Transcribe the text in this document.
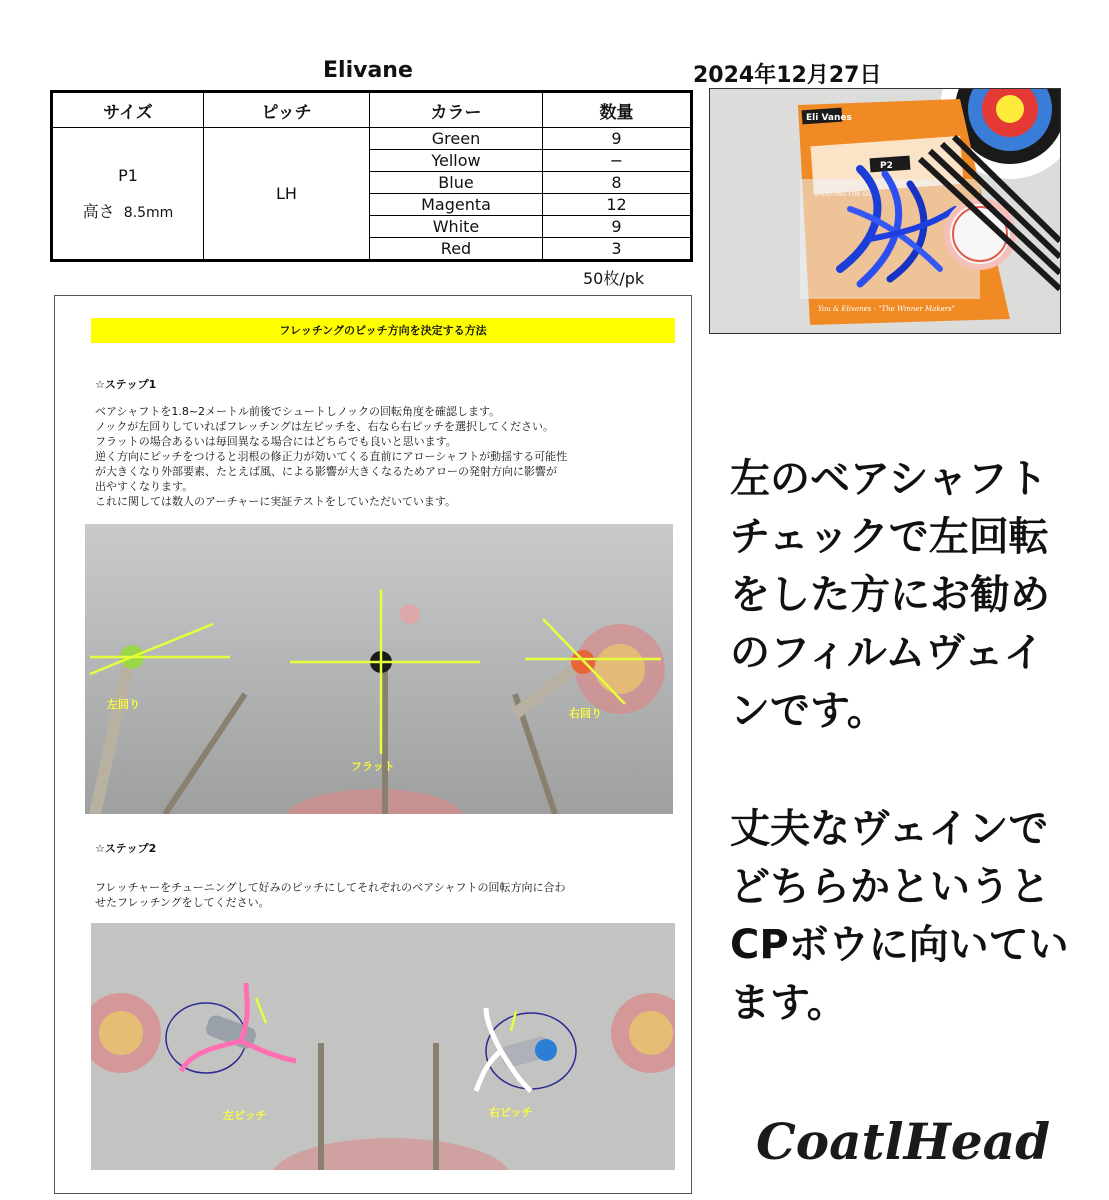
Elivane	2024年12月27日
サイズ	ピッチ	カラー	数量

P1
高さ 8.5mm	LH	Green	9
		Yellow	−
		Blue	8
		Magenta	12
		White	9
		Red	3
50枚/pk
Eli Vanes
P2
You & Elivanes - "The Winner Makers"
フレッチングのピッチ方向を決定する方法
☆ステップ1
ベアシャフトを1.8~2メートル前後でシュートしノックの回転角度を確認します。
ノックが左回りしていればフレッチングは左ピッチを、右なら右ピッチを選択してください。
フラットの場合あるいは毎回異なる場合にはどちらでも良いと思います。
逆く方向にピッチをつけると羽根の修正力が効いてくる直前にアローシャフトが動揺する可能性
が大きくなり外部要素、たとえば風、による影響が大きくなるためアローの発射方向に影響が
出やすくなります。
これに関しては数人のアーチャーに実証テストをしていただいています。
左回り
フラット
右回り
☆ステップ2
フレッチャーをチューニングして好みのピッチにしてそれぞれのベアシャフトの回転方向に合わ
せたフレッチングをしてください。
左ピッチ	右ピッチ
左のベアシャフト
チェックで左回転
をした方にお勧め
のフィルムヴェイ
ンです。
丈夫なヴェインで
どちらかというと
CPボウに向いてい
ます。
CoatlHead
